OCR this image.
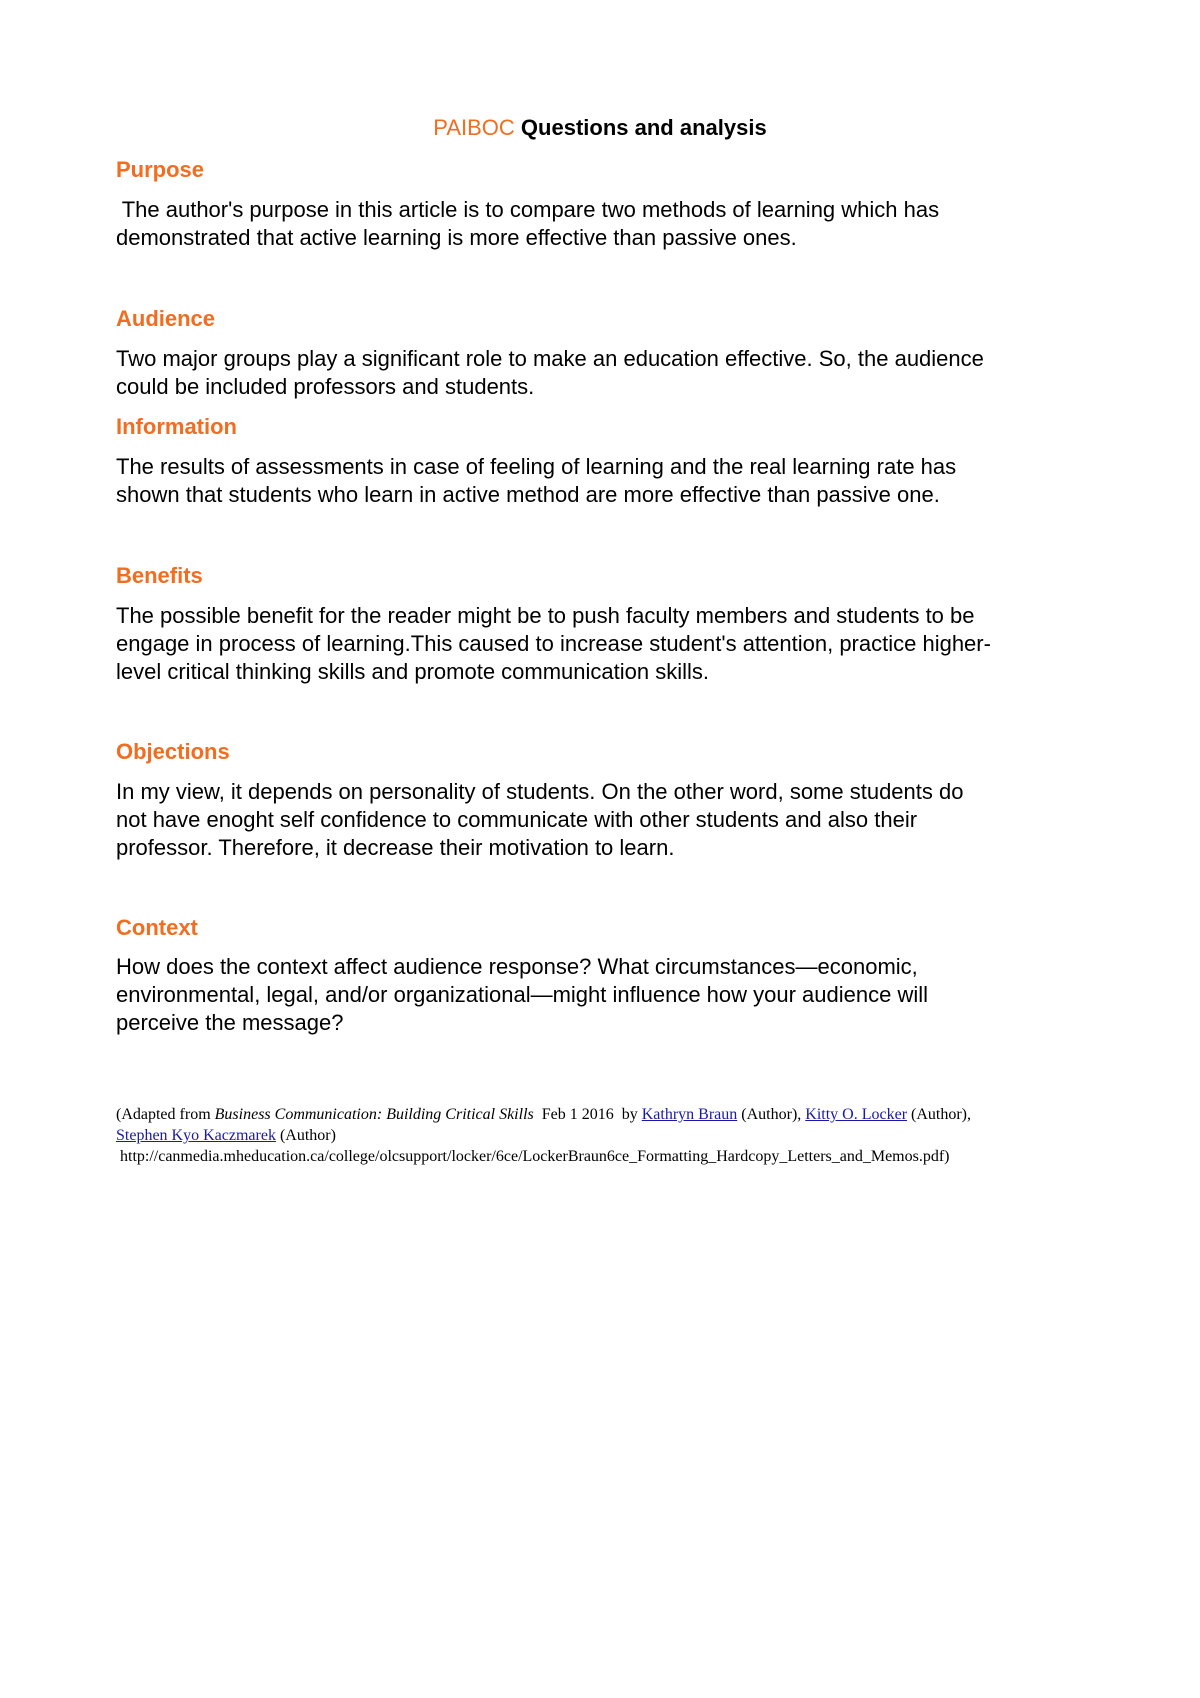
PAIBOC Questions and analysis
Purpose
The author's purpose in this article is to compare two methods of learning which has
demonstrated that active learning is more effective than passive ones.
Audience
Two major groups play a significant role to make an education effective. So, the audience
could be included professors and students.
Information
The results of assessments in case of feeling of learning and the real learning rate has
shown that students who learn in active method are more effective than passive one.
Benefits
The possible benefit for the reader might be to push faculty members and students to be
engage in process of learning.This caused to increase student's attention, practice higher-
level critical thinking skills and promote communication skills.
Objections
In my view, it depends on personality of students. On the other word, some students do
not have enoght self confidence to communicate with other students and also their
professor. Therefore, it decrease their motivation to learn.
Context
How does the context affect audience response? What circumstances—economic,
environmental, legal, and/or organizational—might influence how your audience will
perceive the message?
(Adapted from Business Communication: Building Critical Skills  Feb 1 2016  by Kathryn Braun (Author), Kitty O. Locker (Author),
Stephen Kyo Kaczmarek (Author)
http://canmedia.mheducation.ca/college/olcsupport/locker/6ce/LockerBraun6ce_Formatting_Hardcopy_Letters_and_Memos.pdf)
